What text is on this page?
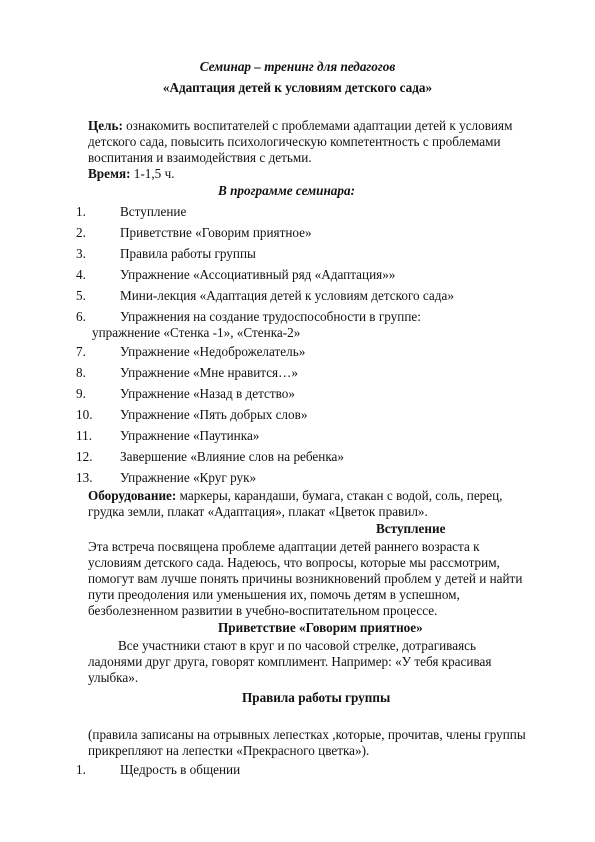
Семинар – тренинг для педагогов
«Адаптация детей к условиям детского сада»
Цель: ознакомить воспитателей с проблемами адаптации детей к условиям
детского сада, повысить психологическую компетентность с проблемами
воспитания и взаимодействия с детьми.
Время: 1-1,5 ч.
В программе семинара:
1.	Вступление
2.	Приветствие «Говорим приятное»
3.	Правила работы группы
4.	Упражнение «Ассоциативный ряд «Адаптация»»
5.	Мини-лекция «Адаптация детей к условиям детского сада»
6.	Упражнения на создание трудоспособности в группе:
упражнение «Стенка -1», «Стенка-2»
7.	Упражнение «Недоброжелатель»
8.	Упражнение «Мне нравится…»
9.	Упражнение «Назад в детство»
10. Упражнение «Пять добрых слов»
11. Упражнение «Паутинка»
12. Завершение «Влияние слов на ребенка»
13. Упражнение «Круг рук»
Оборудование: маркеры, карандаши, бумага, стакан с водой, соль, перец,
грудка земли, плакат «Адаптация», плакат «Цветок правил».
Вступление
Эта встреча посвящена проблеме адаптации детей раннего возраста к
условиям детского сада. Надеюсь, что вопросы, которые мы рассмотрим,
помогут вам лучше понять причины возникновений проблем у детей и найти
пути преодоления или уменьшения их, помочь детям в успешном,
безболезненном развитии в учебно-воспитательном процессе.
Приветствие «Говорим приятное»
Все участники стают в круг и по часовой стрелке, дотрагиваясь
ладонями друг друга, говорят комплимент. Например: «У тебя красивая
улыбка».
Правила работы группы
(правила записаны на отрывных лепестках ,которые, прочитав, члены группы
прикрепляют на лепестки «Прекрасного цветка»).
1.	Щедрость в общении
